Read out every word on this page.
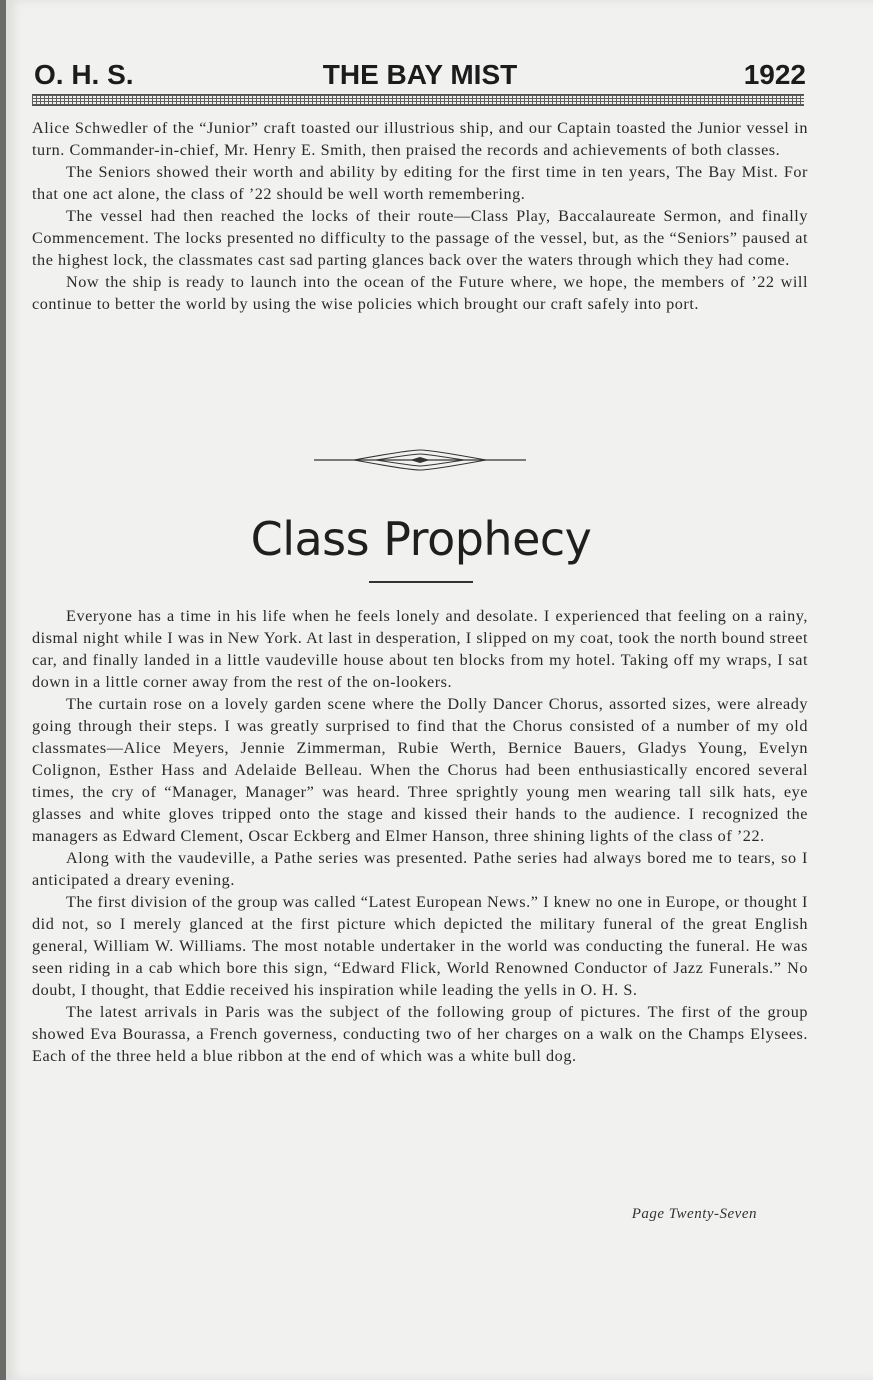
THE BAY MIST
O. H. S.	1922

Alice Schwedler of the “Junior” craft toasted our illustrious ship, and our Captain toasted the Junior vessel in turn. Commander-in-chief, Mr. Henry E. Smith, then praised the records and achievements of both classes.

The Seniors showed their worth and ability by editing for the first time in ten years, The Bay Mist. For that one act alone, the class of ’22 should be well worth remembering.

The vessel had then reached the locks of their route—Class Play, Baccalaureate Sermon, and finally Commencement. The locks presented no difficulty to the passage of the vessel, but, as the “Seniors” paused at the highest lock, the classmates cast sad parting glances back over the waters through which they had come.

Now the ship is ready to launch into the ocean of the Future where, we hope, the members of ’22 will continue to better the world by using the wise policies which brought our craft safely into port.

Class Prophecy

Everyone has a time in his life when he feels lonely and desolate. I experienced that feeling on a rainy, dismal night while I was in New York. At last in desperation, I slipped on my coat, took the north bound street car, and finally landed in a little vaudeville house about ten blocks from my hotel. Taking off my wraps, I sat down in a little corner away from the rest of the on-lookers.

The curtain rose on a lovely garden scene where the Dolly Dancer Chorus, assorted sizes, were already going through their steps. I was greatly surprised to find that the Chorus consisted of a number of my old classmates—Alice Meyers, Jennie Zimmerman, Rubie Werth, Bernice Bauers, Gladys Young, Evelyn Colignon, Esther Hass and Adelaide Belleau. When the Chorus had been enthusiastically encored several times, the cry of “Manager, Manager” was heard. Three sprightly young men wearing tall silk hats, eye glasses and white gloves tripped onto the stage and kissed their hands to the audience. I recognized the managers as Edward Clement, Oscar Eckberg and Elmer Hanson, three shining lights of the class of ’22.

Along with the vaudeville, a Pathe series was presented. Pathe series had always bored me to tears, so I anticipated a dreary evening.

The first division of the group was called “Latest European News.” I knew no one in Europe, or thought I did not, so I merely glanced at the first picture which depicted the military funeral of the great English general, William W. Williams. The most notable undertaker in the world was conducting the funeral. He was seen riding in a cab which bore this sign, “Edward Flick, World Renowned Conductor of Jazz Funerals.” No doubt, I thought, that Eddie received his inspiration while leading the yells in O. H. S.

The latest arrivals in Paris was the subject of the following group of pictures. The first of the group showed Eva Bourassa, a French governess, conducting two of her charges on a walk on the Champs Elysees. Each of the three held a blue ribbon at the end of which was a white bull dog.

Page Twenty-Seven
